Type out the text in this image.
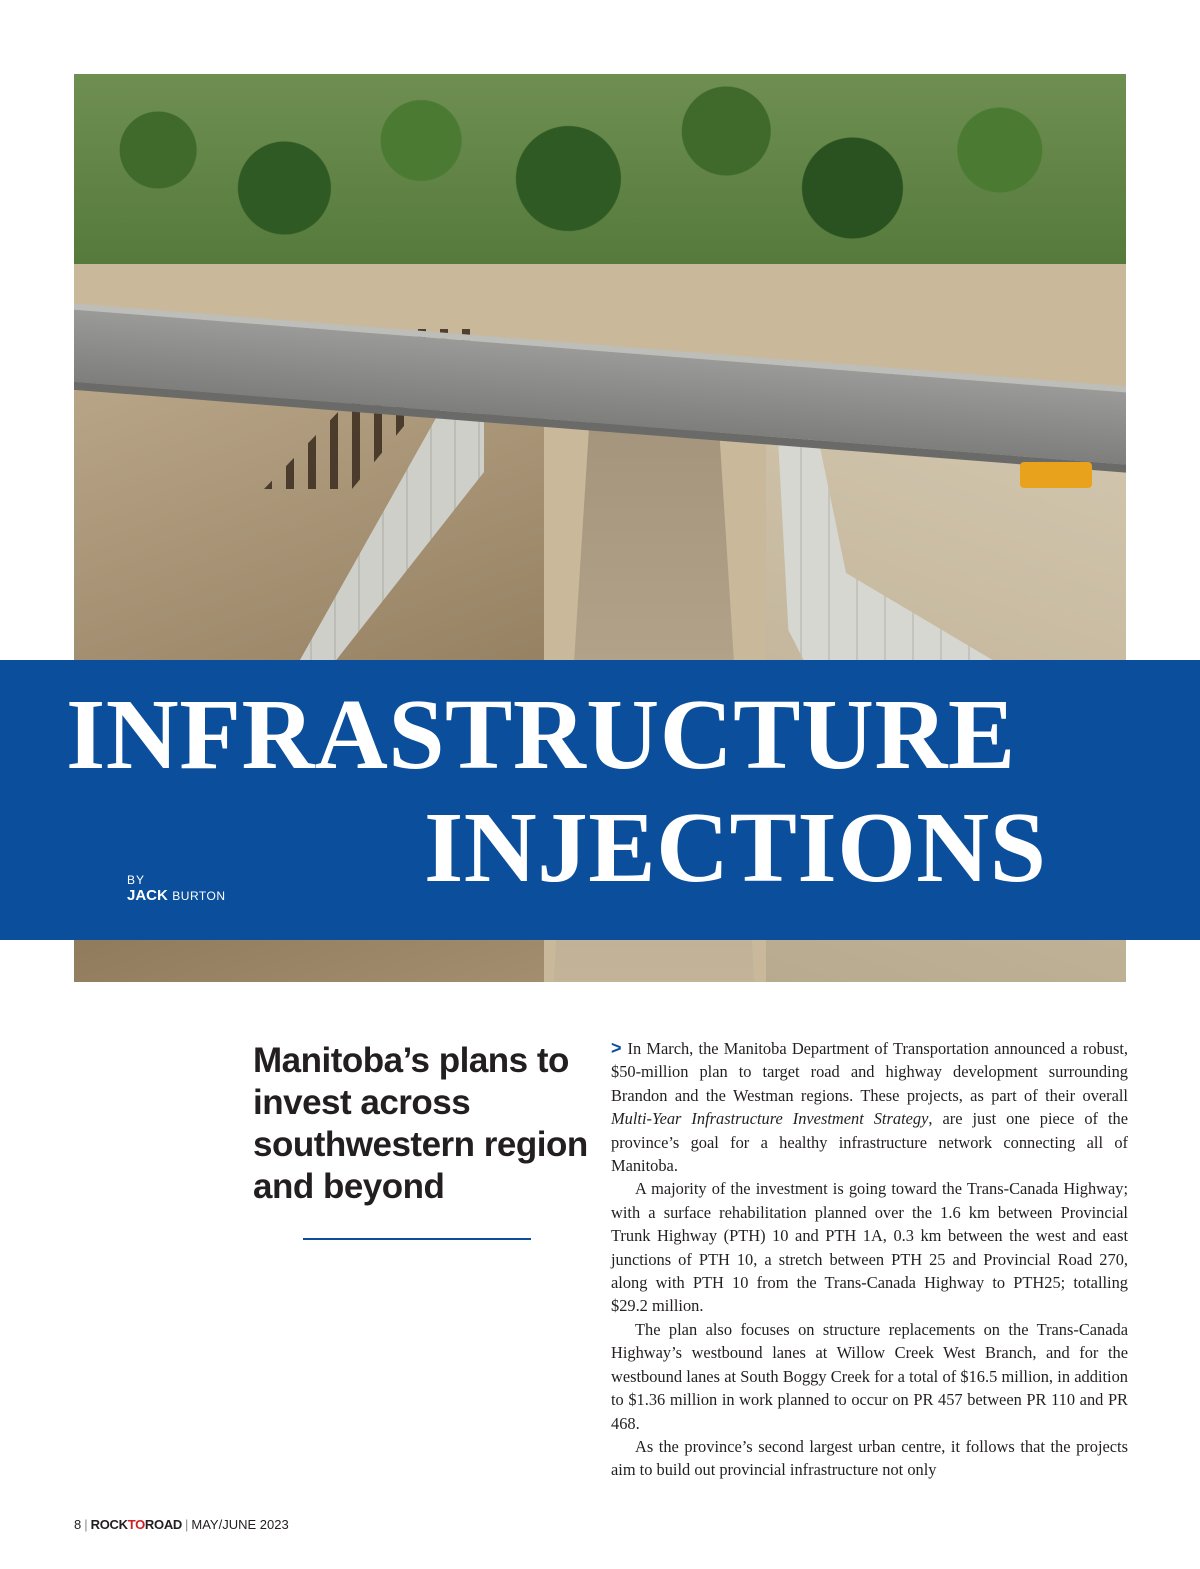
INFRASTRUCTURE
INJECTIONS
BY
JACK BURTON
Manitoba’s plans to invest across southwestern region and beyond

> In March, the Manitoba Department of Transportation announced a robust, $50-million plan to target road and highway development surrounding Brandon and the Westman regions. These projects, as part of their overall Multi-Year Infrastructure Investment Strategy, are just one piece of the province’s goal for a healthy infrastructure network connecting all of Manitoba.

A majority of the investment is going toward the Trans-Canada Highway; with a surface rehabilitation planned over the 1.6 km between Provincial Trunk Highway (PTH) 10 and PTH 1A, 0.3 km between the west and east junctions of PTH 10, a stretch between PTH 25 and Provincial Road 270, along with PTH 10 from the Trans-Canada Highway to PTH25; totalling $29.2 million.

The plan also focuses on structure replacements on the Trans-Canada Highway’s westbound lanes at Willow Creek West Branch, and for the westbound lanes at South Boggy Creek for a total of $16.5 million, in addition to $1.36 million in work planned to occur on PR 457 between PR 110 and PR 468.

As the province’s second largest urban centre, it follows that the projects aim to build out provincial infrastructure not only

8 | ROCKTOROAD | MAY/JUNE 2023
